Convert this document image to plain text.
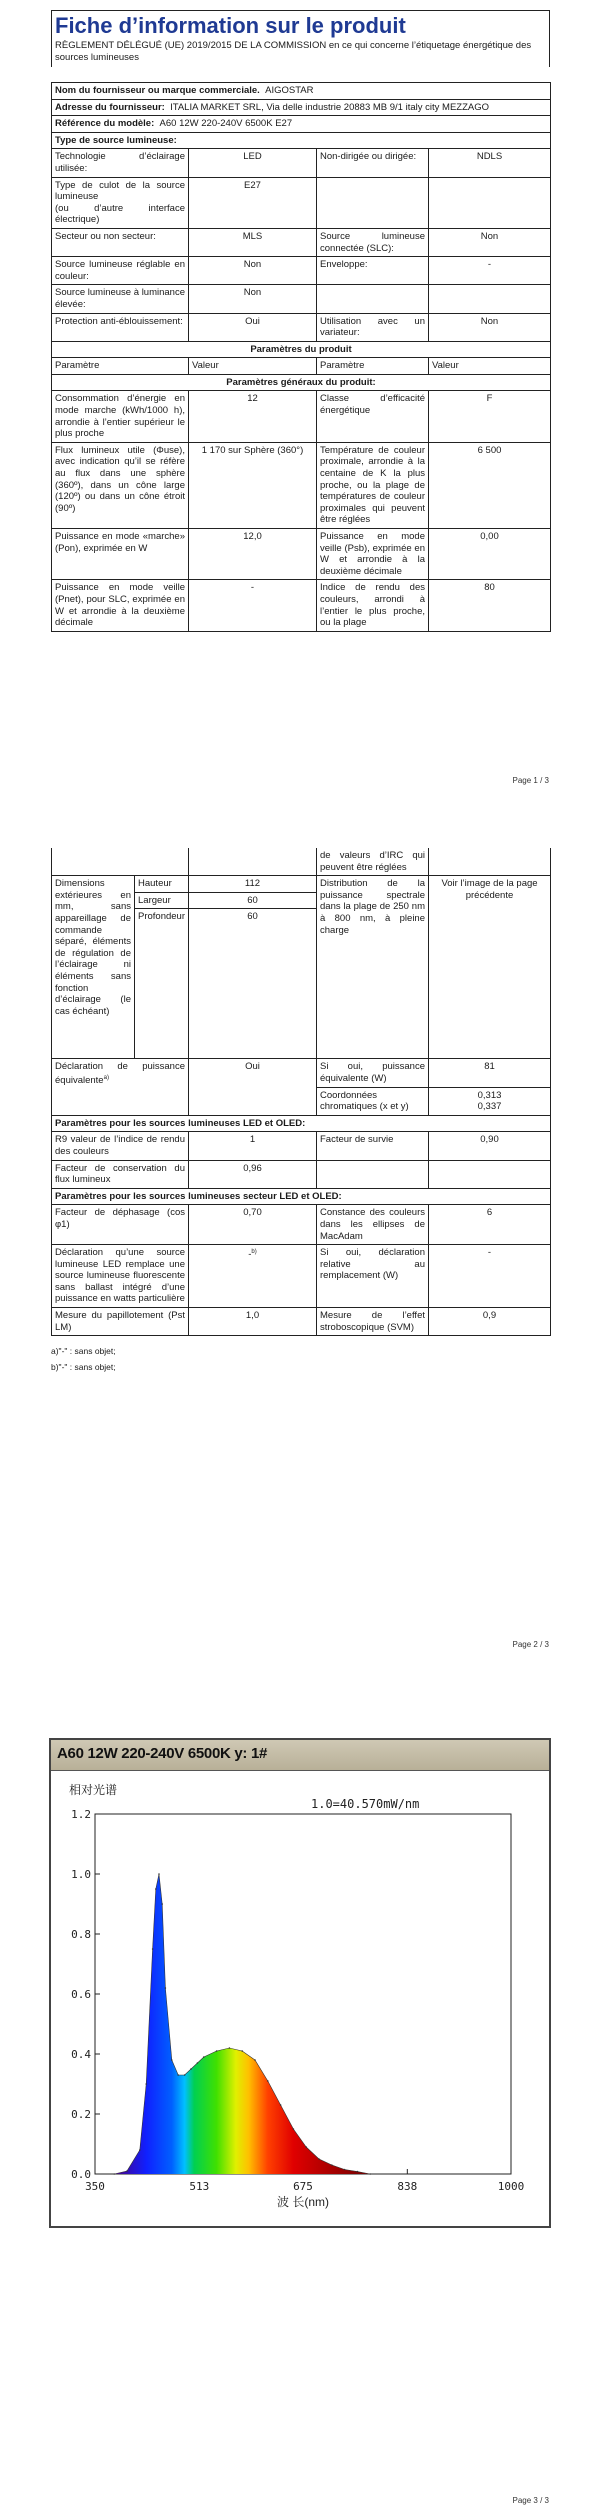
Fiche d’information sur le produit
RÈGLEMENT DÉLÉGUÉ (UE) 2019/2015 DE LA COMMISSION en ce qui concerne l’étiquetage énergétique des sources lumineuses
Nom du fournisseur ou marque commerciale. AIGOSTAR			
Adresse du fournisseur: ITALIA MARKET SRL, Via delle industrie 20883 MB 9/1 italy city MEZZAGO			
Référence du modèle: A60 12W 220-240V 6500K E27			
Type de source lumineuse:			
Technologie d’éclairage utilisée:	LED	Non-dirigée ou dirigée:	NDLS
Type de culot de la source lumineuse
(ou d’autre interface électrique)	E27		
Secteur ou non secteur:	MLS	Source lumineuse connectée (SLC):	Non
Source lumineuse réglable en couleur:	Non	Enveloppe:	-
Source lumineuse à luminance élevée:	Non		
Protection anti-éblouissement:	Oui	Utilisation avec un variateur:	Non
Paramètres du produit			
Paramètre	Valeur	Paramètre	Valeur
Paramètres généraux du produit:			
Consommation d’énergie en mode marche (kWh/1000 h), arrondie à l’entier supérieur le plus proche	12	Classe d’efficacité énergétique	F
Flux lumineux utile (Φuse), avec indication qu’il se réfère au flux dans une sphère (360º), dans un cône large (120º) ou dans un cône étroit (90º)	1 170 sur Sphère (360°)	Température de couleur proximale, arrondie à la centaine de K la plus proche, ou la plage de températures de couleur proximales qui peuvent être réglées	6 500
Puissance en mode «marche» (Pon), exprimée en W	12,0	Puissance en mode veille (Psb), exprimée en W et arrondie à la deuxième décimale	0,00
Puissance en mode veille (Pnet), pour SLC, exprimée en W et arrondie à la deuxième décimale	-	Indice de rendu des couleurs, arrondi à l’entier le plus proche, ou la plage	80
Page 1 / 3
			de valeurs d’IRC qui peuvent être réglées	
Dimensions extérieures en mm, sans appareillage de commande séparé, éléments de régulation de l’éclairage ni éléments sans fonction d’éclairage (le cas échéant)	Hauteur	112	Distribution de la puissance spectrale dans la plage de 250 nm à 800 nm, à pleine charge	Voir l’image de la page précédente
	Largeur	60		
	Profondeur	60		
Déclaration de puissance équivalente$^{a)}$		Oui	Si oui, puissance équivalente (W)	81
			Coordonnées chromatiques (x et y)	0,313
0,337
Paramètres pour les sources lumineuses LED et OLED:				
R9 valeur de l’indice de rendu des couleurs		1	Facteur de survie	0,90
Facteur de conservation du flux lumineux		0,96		
Paramètres pour les sources lumineuses secteur LED et OLED:				
Facteur de déphasage (cos φ1)		0,70	Constance des couleurs dans les ellipses de MacAdam	6
Déclaration qu’une source lumineuse LED remplace une source lumineuse fluorescente sans ballast intégré d’une puissance en watts particulière		-$^{b)}$	Si oui, déclaration relative au remplacement (W)	-
Mesure du papillotement (Pst LM)		1,0	Mesure de l’effet stroboscopique (SVM)	0,9
a)"-" : sans objet;
b)"-" : sans objet;
Page 2 / 3
A60 12W 220-240V 6500K y: 1#
0.0
0.2
0.4
0.6
0.8
1.0
1.2
350	513	675	838	1000
相对光谱
1.0=40.570mW/nm
波 长(nm)
Page 3 / 3
